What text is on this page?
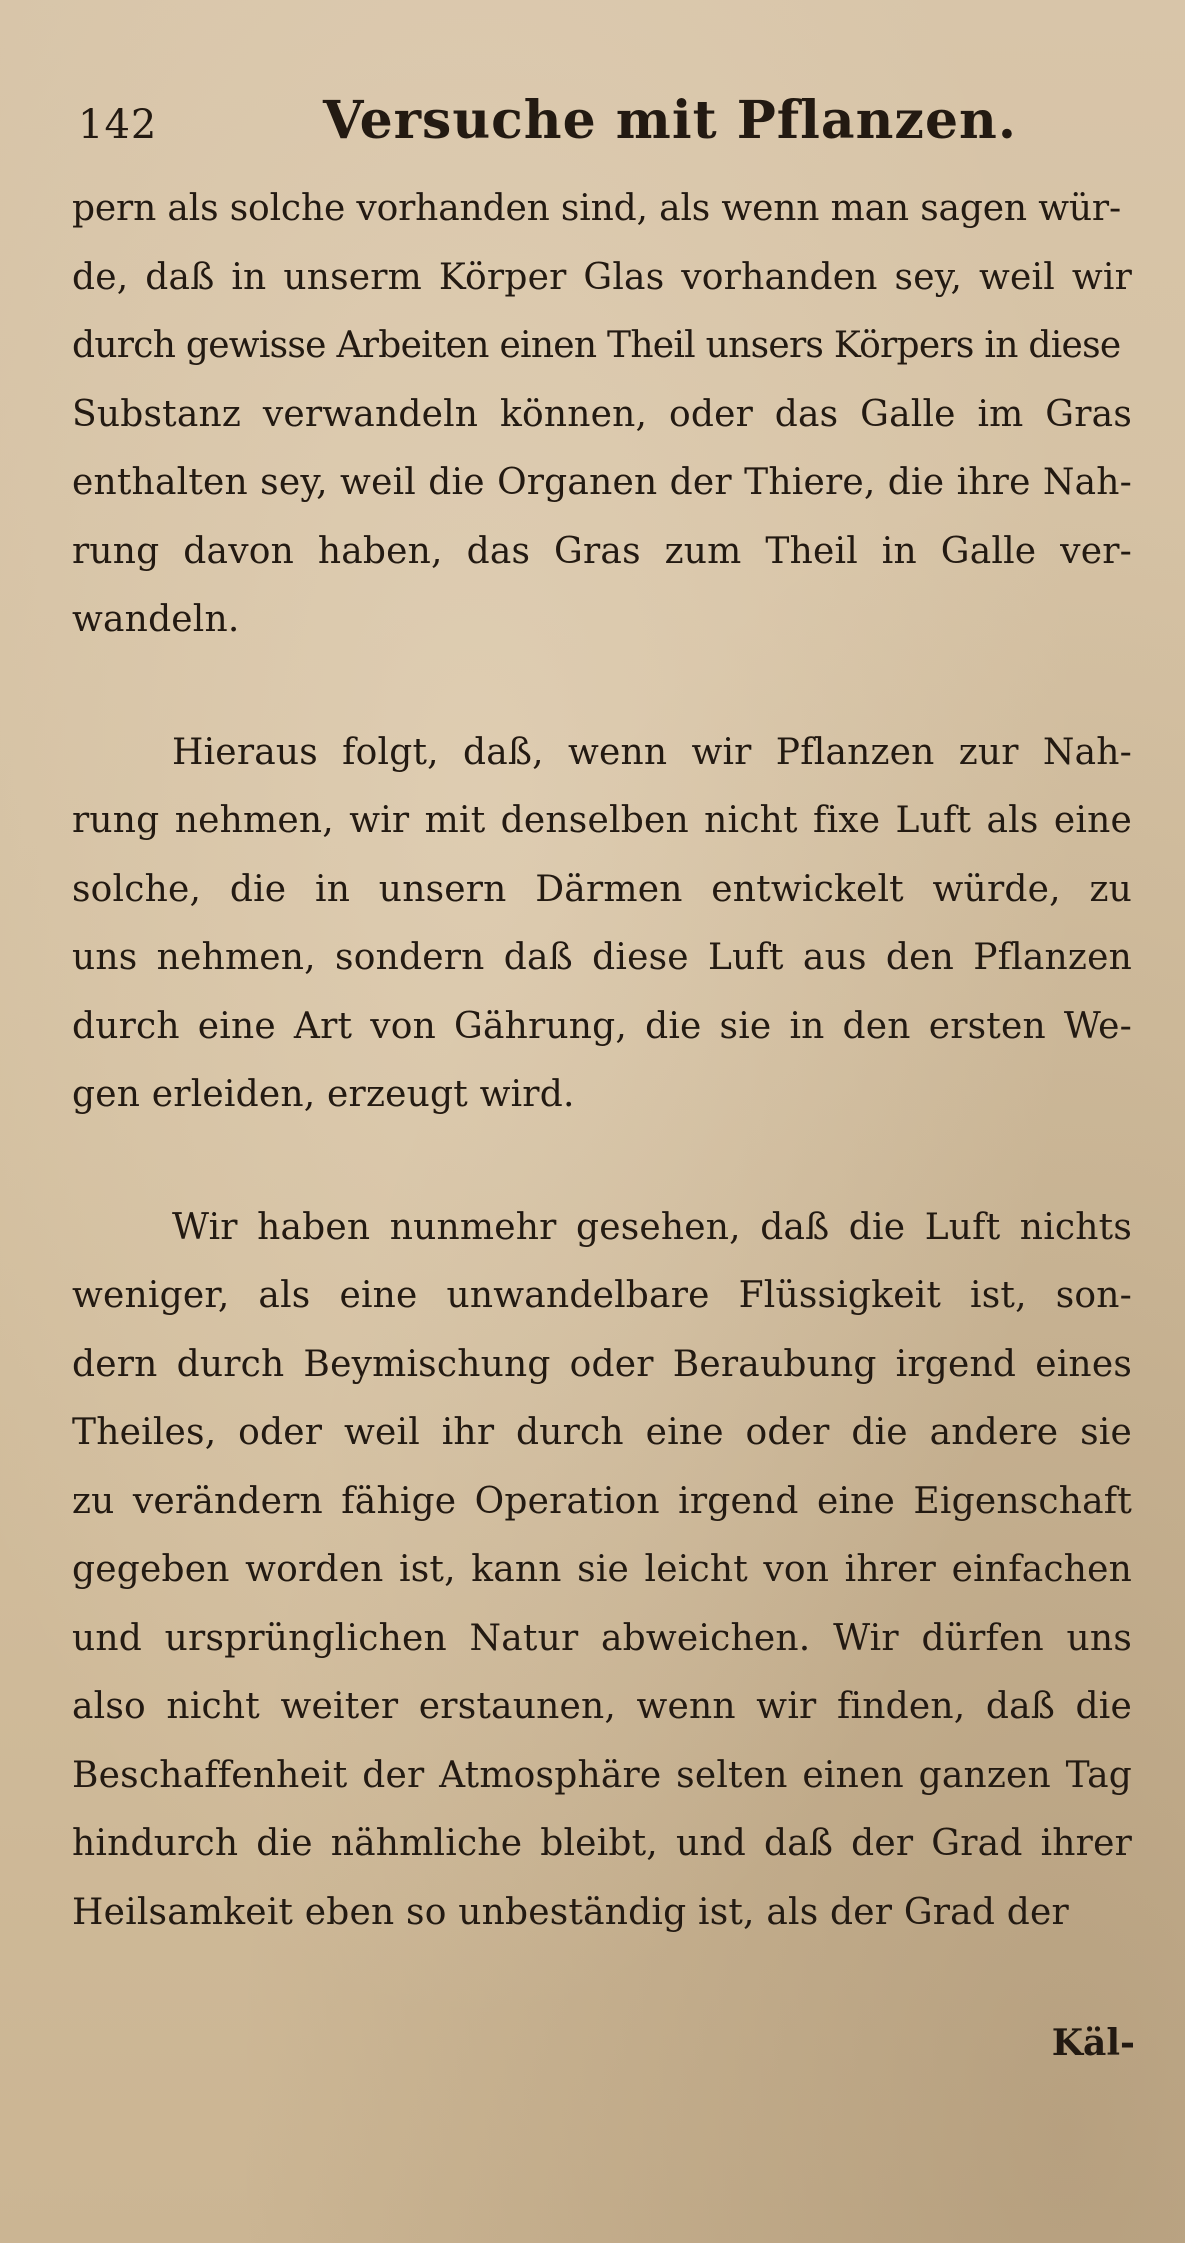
142	Versuche mit Pflanzen.
pern als solche vorhanden sind, als wenn man sagen wür-
de, daß in unserm Körper Glas vorhanden sey, weil wir
durch gewisse Arbeiten einen Theil unsers Körpers in diese
Substanz verwandeln können, oder das Galle im Gras
enthalten sey, weil die Organen der Thiere, die ihre Nah-
rung davon haben, das Gras zum Theil in Galle ver-
wandeln.
Hieraus folgt, daß, wenn wir Pflanzen zur Nah-
rung nehmen, wir mit denselben nicht fixe Luft als eine
solche, die in unsern Därmen entwickelt würde, zu
uns nehmen, sondern daß diese Luft aus den Pflanzen
durch eine Art von Gährung, die sie in den ersten We-
gen erleiden, erzeugt wird.
Wir haben nunmehr gesehen, daß die Luft nichts
weniger, als eine unwandelbare Flüssigkeit ist, son-
dern durch Beymischung oder Beraubung irgend eines
Theiles, oder weil ihr durch eine oder die andere sie
zu verändern fähige Operation irgend eine Eigenschaft
gegeben worden ist, kann sie leicht von ihrer einfachen
und ursprünglichen Natur abweichen. Wir dürfen uns
also nicht weiter erstaunen, wenn wir finden, daß die
Beschaffenheit der Atmosphäre selten einen ganzen Tag
hindurch die nähmliche bleibt, und daß der Grad ihrer
Heilsamkeit eben so unbeständig ist, als der Grad der
Käl-
